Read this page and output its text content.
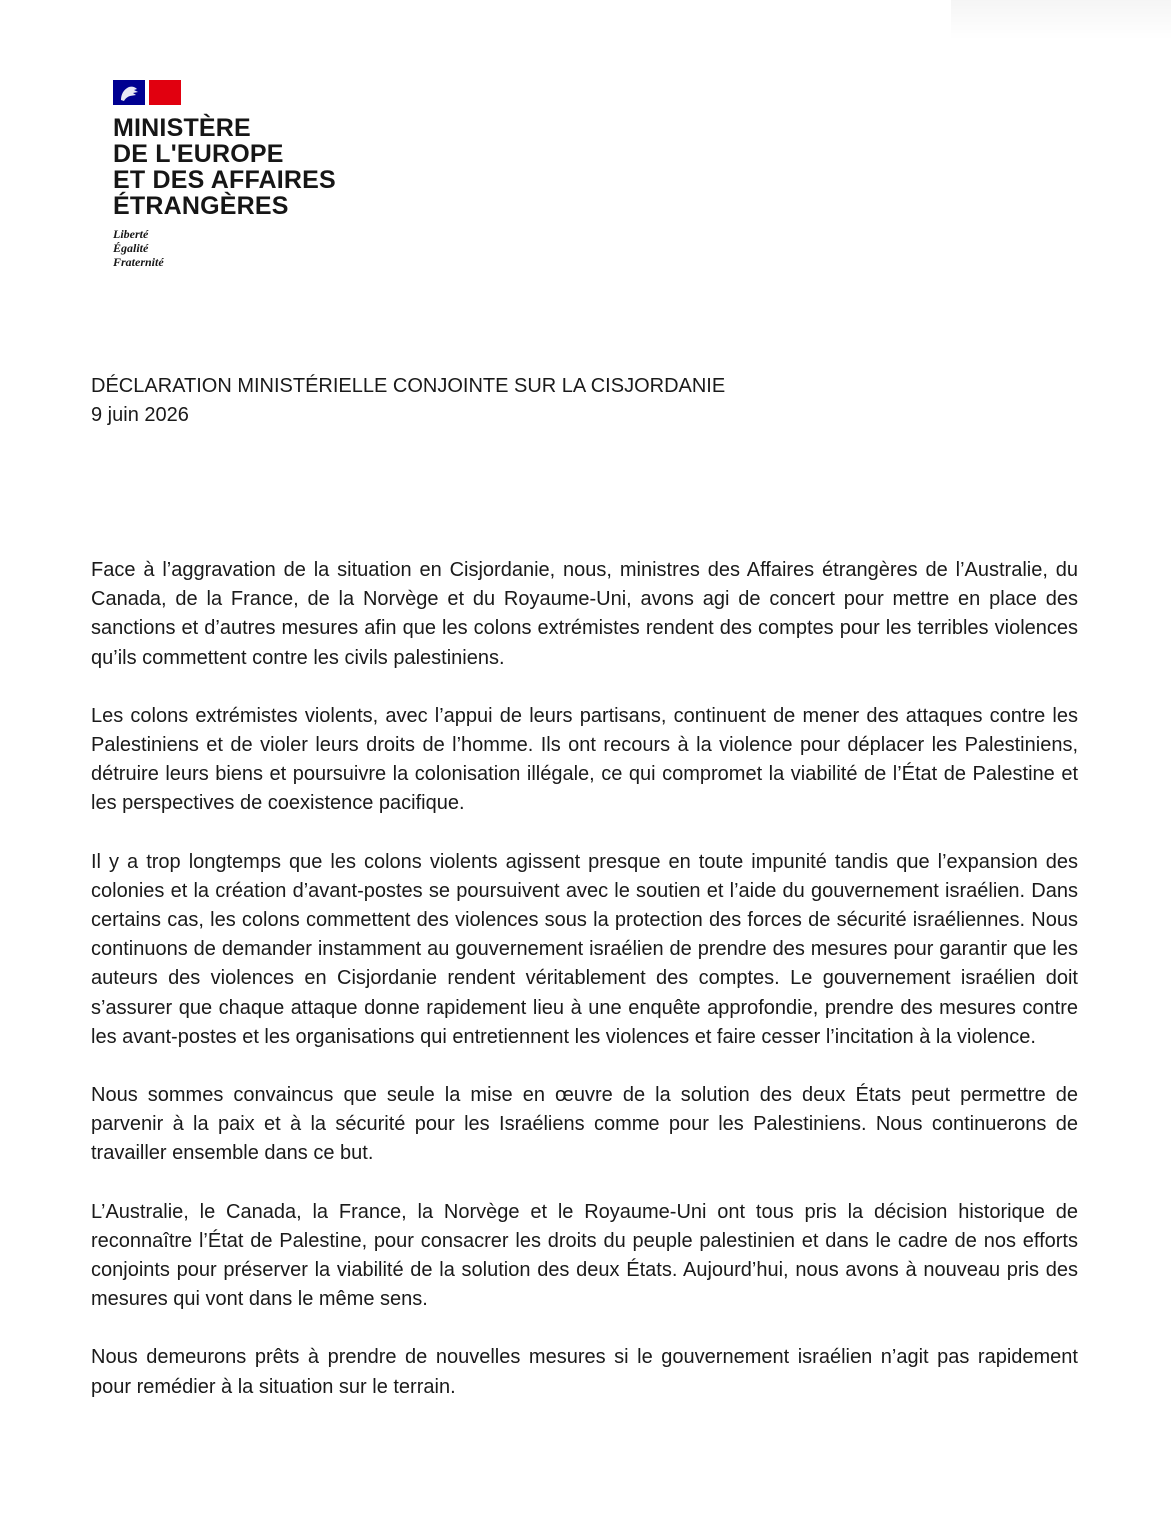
MINISTÈRE
DE L'EUROPE
ET DES AFFAIRES
ÉTRANGÈRES
Liberté
Égalité
Fraternité
DÉCLARATION MINISTÉRIELLE CONJOINTE SUR LA CISJORDANIE
9 juin 2026

Face à l’aggravation de la situation en Cisjordanie, nous, ministres des Affaires étrangères de l’Australie, du Canada, de la France, de la Norvège et du Royaume-Uni, avons agi de concert pour mettre en place des sanctions et d’autres mesures afin que les colons extrémistes rendent des comptes pour les terribles violences qu’ils commettent contre les civils palestiniens.

Les colons extrémistes violents, avec l’appui de leurs partisans, continuent de mener des attaques contre les Palestiniens et de violer leurs droits de l’homme. Ils ont recours à la violence pour déplacer les Palestiniens, détruire leurs biens et poursuivre la colonisation illégale, ce qui compromet la viabilité de l’État de Palestine et les perspectives de coexistence pacifique.

Il y a trop longtemps que les colons violents agissent presque en toute impunité tandis que l’expansion des colonies et la création d’avant-postes se poursuivent avec le soutien et l’aide du gouvernement israélien. Dans certains cas, les colons commettent des violences sous la protection des forces de sécurité israéliennes. Nous continuons de demander instamment au gouvernement israélien de prendre des mesures pour garantir que les auteurs des violences en Cisjordanie rendent véritablement des comptes. Le gouvernement israélien doit s’assurer que chaque attaque donne rapidement lieu à une enquête approfondie, prendre des mesures contre les avant-postes et les organisations qui entretiennent les violences et faire cesser l’incitation à la violence.

Nous sommes convaincus que seule la mise en œuvre de la solution des deux États peut permettre de parvenir à la paix et à la sécurité pour les Israéliens comme pour les Palestiniens. Nous continuerons de travailler ensemble dans ce but.

L’Australie, le Canada, la France, la Norvège et le Royaume-Uni ont tous pris la décision historique de reconnaître l’État de Palestine, pour consacrer les droits du peuple palestinien et dans le cadre de nos efforts conjoints pour préserver la viabilité de la solution des deux États. Aujourd’hui, nous avons à nouveau pris des mesures qui vont dans le même sens.

Nous demeurons prêts à prendre de nouvelles mesures si le gouvernement israélien n’agit pas rapidement pour remédier à la situation sur le terrain.
